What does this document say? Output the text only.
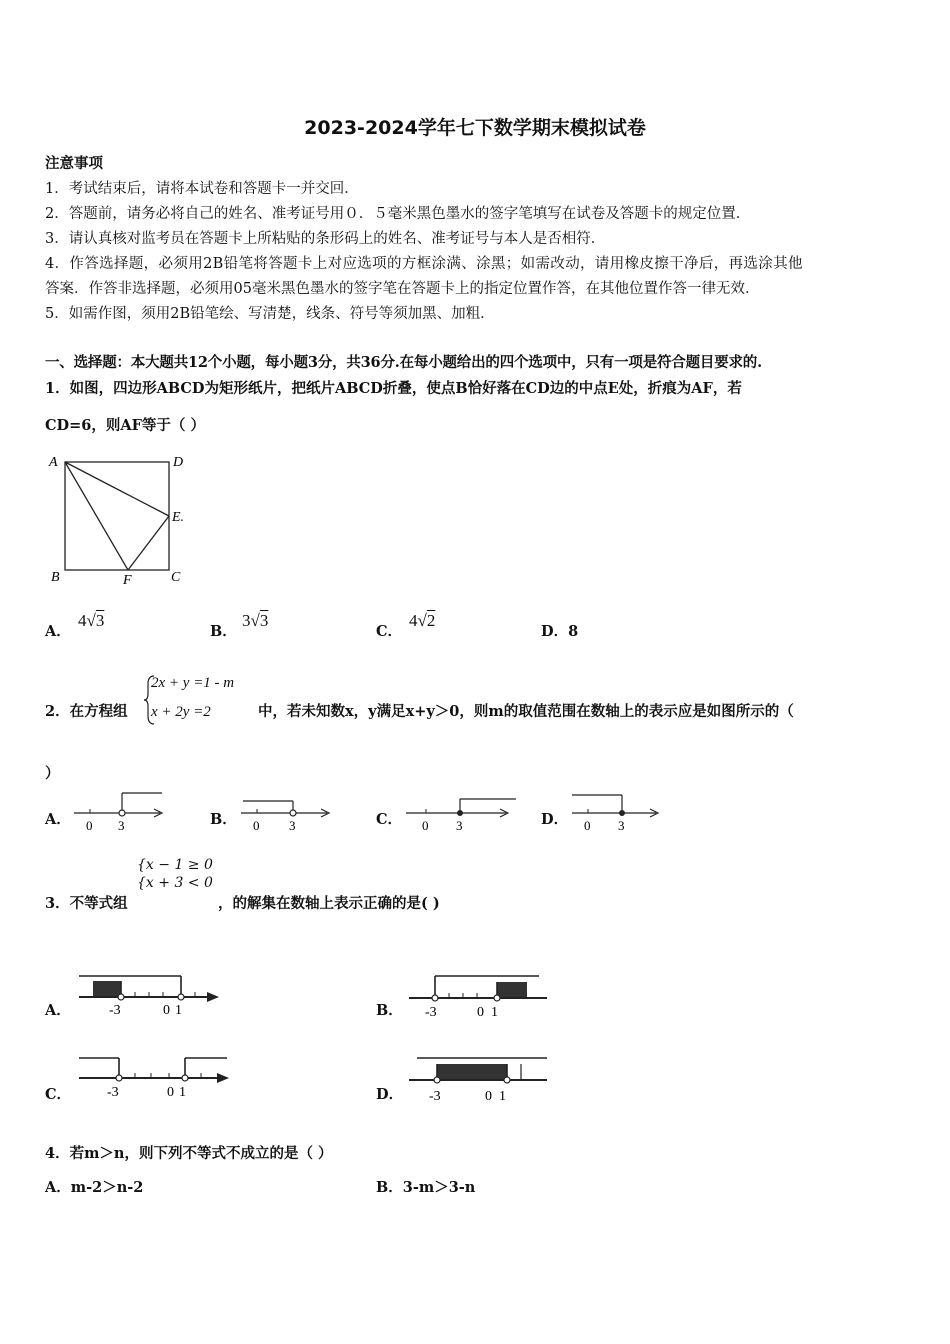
2023-2024学年七下数学期末模拟试卷
注意事项
1．考试结束后，请将本试卷和答题卡一并交回．
2．答题前，请务必将自己的姓名、准考证号用０．５毫米黑色墨水的签字笔填写在试卷及答题卡的规定位置．
3．请认真核对监考员在答题卡上所粘贴的条形码上的姓名、准考证号与本人是否相符．
4．作答选择题，必须用2B铅笔将答题卡上对应选项的方框涂满、涂黑；如需改动，请用橡皮擦干净后，再选涂其他
答案．作答非选择题，必须用05毫米黑色墨水的签字笔在答题卡上的指定位置作答，在其他位置作答一律无效．
5．如需作图，须用2B铅笔绘、写清楚，线条、符号等须加黑、加粗．
一、选择题：本大题共12个小题，每小题3分，共36分.在每小题给出的四个选项中，只有一项是符合题目要求的.
1．如图，四边形ABCD为矩形纸片，把纸片ABCD折叠，使点B恰好落在CD边的中点E处，折痕为AF，若
CD=6，则AF等于（ ）
A	D
E.
B	F	C
A．
4√3
B．
3√3
C．
4√2
D．8
2．在方程组
2x + y =1 - m
x + 2y =2	中，若未知数x，y满足x+y＞0，则m的取值范围在数轴上的表示应是如图所示的（
）
A． 0 3	B． 0 3	C． 0 3	D． 0 3
{x − 1 ≥ 0
{x + 3 < 0
3．不等式组	，的解集在数轴上表示正确的是( )
A．	-3	0 1	B． -3	0 1
C．	-3	0 1	D． -3	0 1
4．若m＞n，则下列不等式不成立的是（ ）
A．m-2＞n-2	B．3-m＞3-n
